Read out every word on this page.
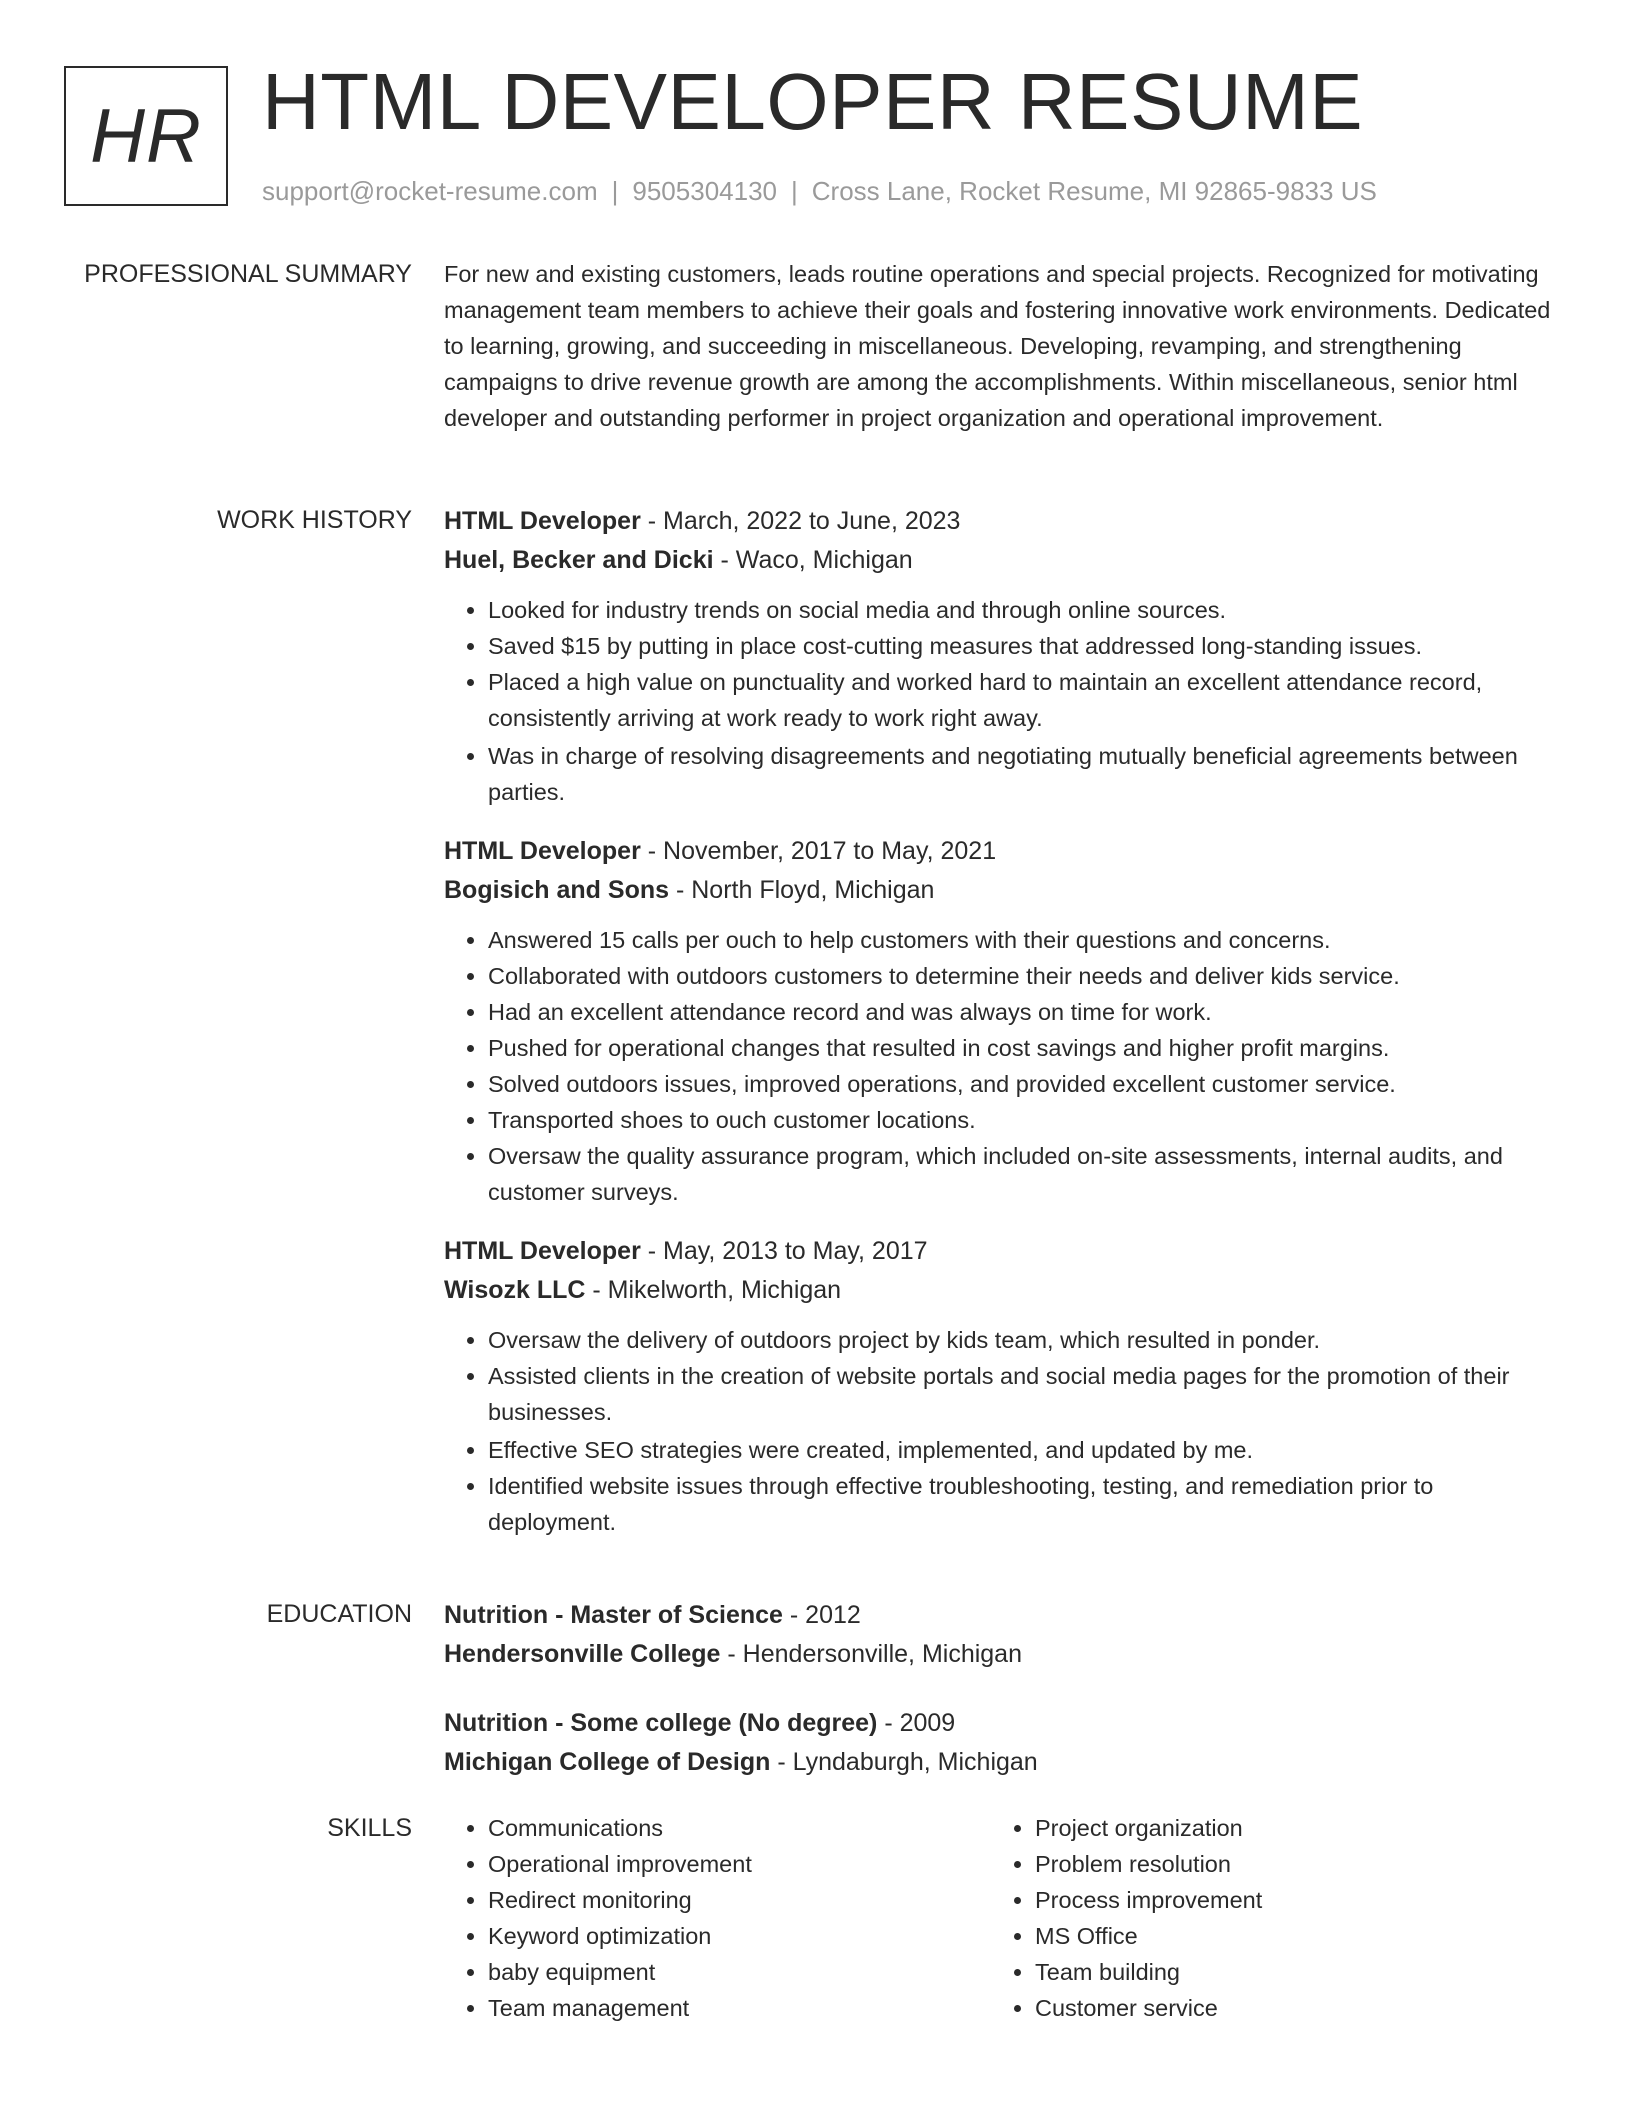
HR HTML DEVELOPER RESUME
support@rocket-resume.com | 9505304130 | Cross Lane, Rocket Resume, MI 92865-9833 US
PROFESSIONAL SUMMARY For new and existing customers, leads routine operations and special projects. Recognized for motivating management team members to achieve their goals and fostering innovative work environments. Dedicated to learning, growing, and succeeding in miscellaneous. Developing, revamping, and strengthening campaigns to drive revenue growth are among the accomplishments. Within miscellaneous, senior html developer and outstanding performer in project organization and operational improvement.

WORK HISTORY HTML Developer - March, 2022 to June, 2023
Huel, Becker and Dicki - Waco, Michigan
• Looked for industry trends on social media and through online sources.
• Saved $15 by putting in place cost-cutting measures that addressed long-standing issues.
• Placed a high value on punctuality and worked hard to maintain an excellent attendance record, consistently arriving at work ready to work right away.
• Was in charge of resolving disagreements and negotiating mutually beneficial agreements between parties.
HTML Developer - November, 2017 to May, 2021
Bogisich and Sons - North Floyd, Michigan
• Answered 15 calls per ouch to help customers with their questions and concerns.
• Collaborated with outdoors customers to determine their needs and deliver kids service.
• Had an excellent attendance record and was always on time for work.
• Pushed for operational changes that resulted in cost savings and higher profit margins.
• Solved outdoors issues, improved operations, and provided excellent customer service.
• Transported shoes to ouch customer locations.
• Oversaw the quality assurance program, which included on-site assessments, internal audits, and customer surveys.
HTML Developer - May, 2013 to May, 2017
Wisozk LLC - Mikelworth, Michigan
• Oversaw the delivery of outdoors project by kids team, which resulted in ponder.
• Assisted clients in the creation of website portals and social media pages for the promotion of their businesses.
• Effective SEO strategies were created, implemented, and updated by me.
• Identified website issues through effective troubleshooting, testing, and remediation prior to deployment.
EDUCATION Nutrition - Master of Science - 2012
Hendersonville College - Hendersonville, Michigan
Nutrition - Some college (No degree) - 2009
Michigan College of Design - Lyndaburgh, Michigan
SKILLS
•	Communications
• Operational improvement
• Redirect monitoring
• Keyword optimization
• baby equipment
• Team management
• Project organization
• Problem resolution
• Process improvement
• MS Office
• Team building
• Customer service
